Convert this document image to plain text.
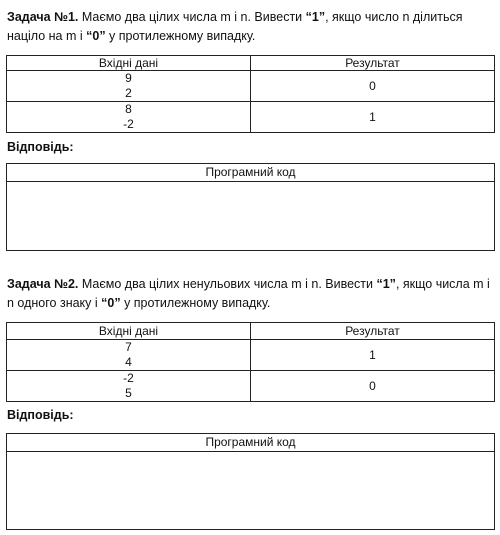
Задача №1. Маємо два цілих числа m і n. Вивести “1”, якщо число n ділиться
націло на m і “0” у протилежному випадку.
Вхідні дані	Результат

9
2	0

8
-2	1
Відповідь:
Програмний код
Задача №2. Маємо два цілих ненульових числа m і n. Вивести “1”, якщо числа m і
n одного знаку і “0” у протилежному випадку.
Вхідні дані	Результат

7
4	1

-2
5	0
Відповідь:
Програмний код
